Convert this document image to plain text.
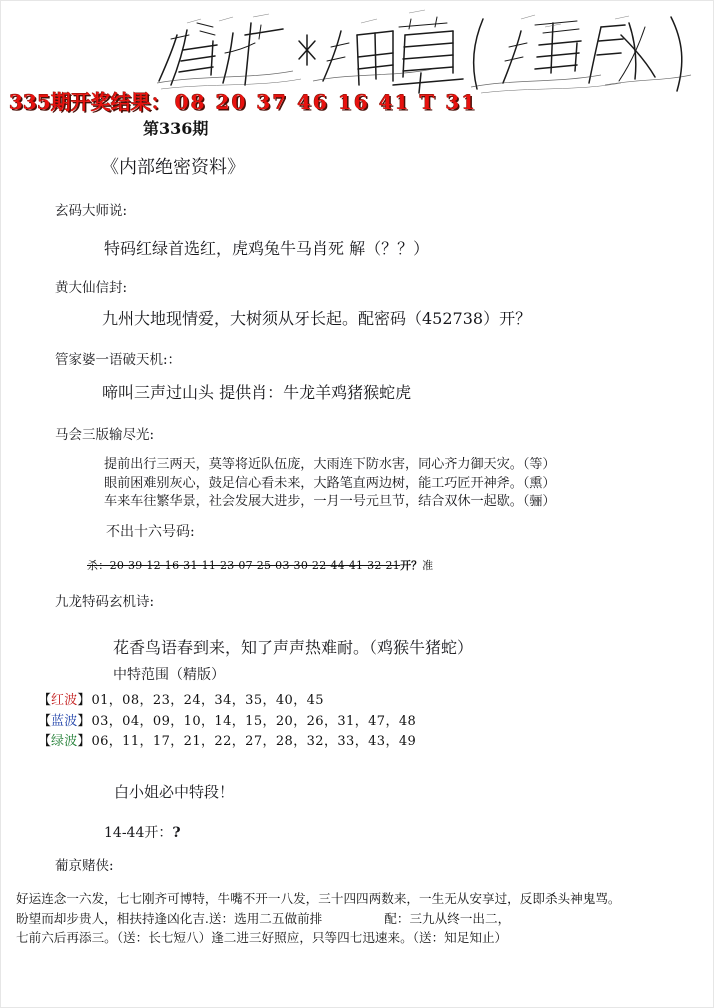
335期开奖结果： 08 20 37 46 16 41 T 31
第336期
《内部绝密资料》
玄码大师说:
特码红绿首选红，虎鸡兔牛马肖死 解（？？）
黄大仙信封:
九州大地现情爱，大树须从牙长起。配密码（452738）开？
管家婆一语破天机:：
啼叫三声过山头 提供肖：牛龙羊鸡猪猴蛇虎
马会三版输尽光:
提前出行三两天，莫等将近队伍庞，大雨连下防水害，同心齐力御天灾。（等）
眼前困难别灰心，鼓足信心看未来，大路笔直两边树，能工巧匠开神斧。（熏）
车来车往繁华景，社会发展大进步，一月一号元旦节，结合双休一起歇。（骊）
不出十六号码:
杀：20 39 12 16 31 11 23 07 25 03 30 22 44 41 32 21开？准
九龙特码玄机诗:
花香鸟语春到来，知了声声热难耐。（鸡猴牛猪蛇）
中特范围（精版）
【红波】01，08，23，24，34，35，40，45
【蓝波】03，04，09，10，14，15，20，26，31，47，48
【绿波】06，11，17，21，22，27，28，32，33，43，49
白小姐必中特段！
14-44开：?
葡京赌侠:
好运连念一六发，七七刚齐可博特，牛嘴不开一八发，三十四四两数来，一生无从安享过，反即杀头神鬼骂。
盼望而却步贵人，相扶持逢凶化吉.送：选用二五做前排	配：三九从终一出二，
七前六后再添三。（送：长七短八）逢二进三好照应，只等四七迅速来。（送：知足知止）
